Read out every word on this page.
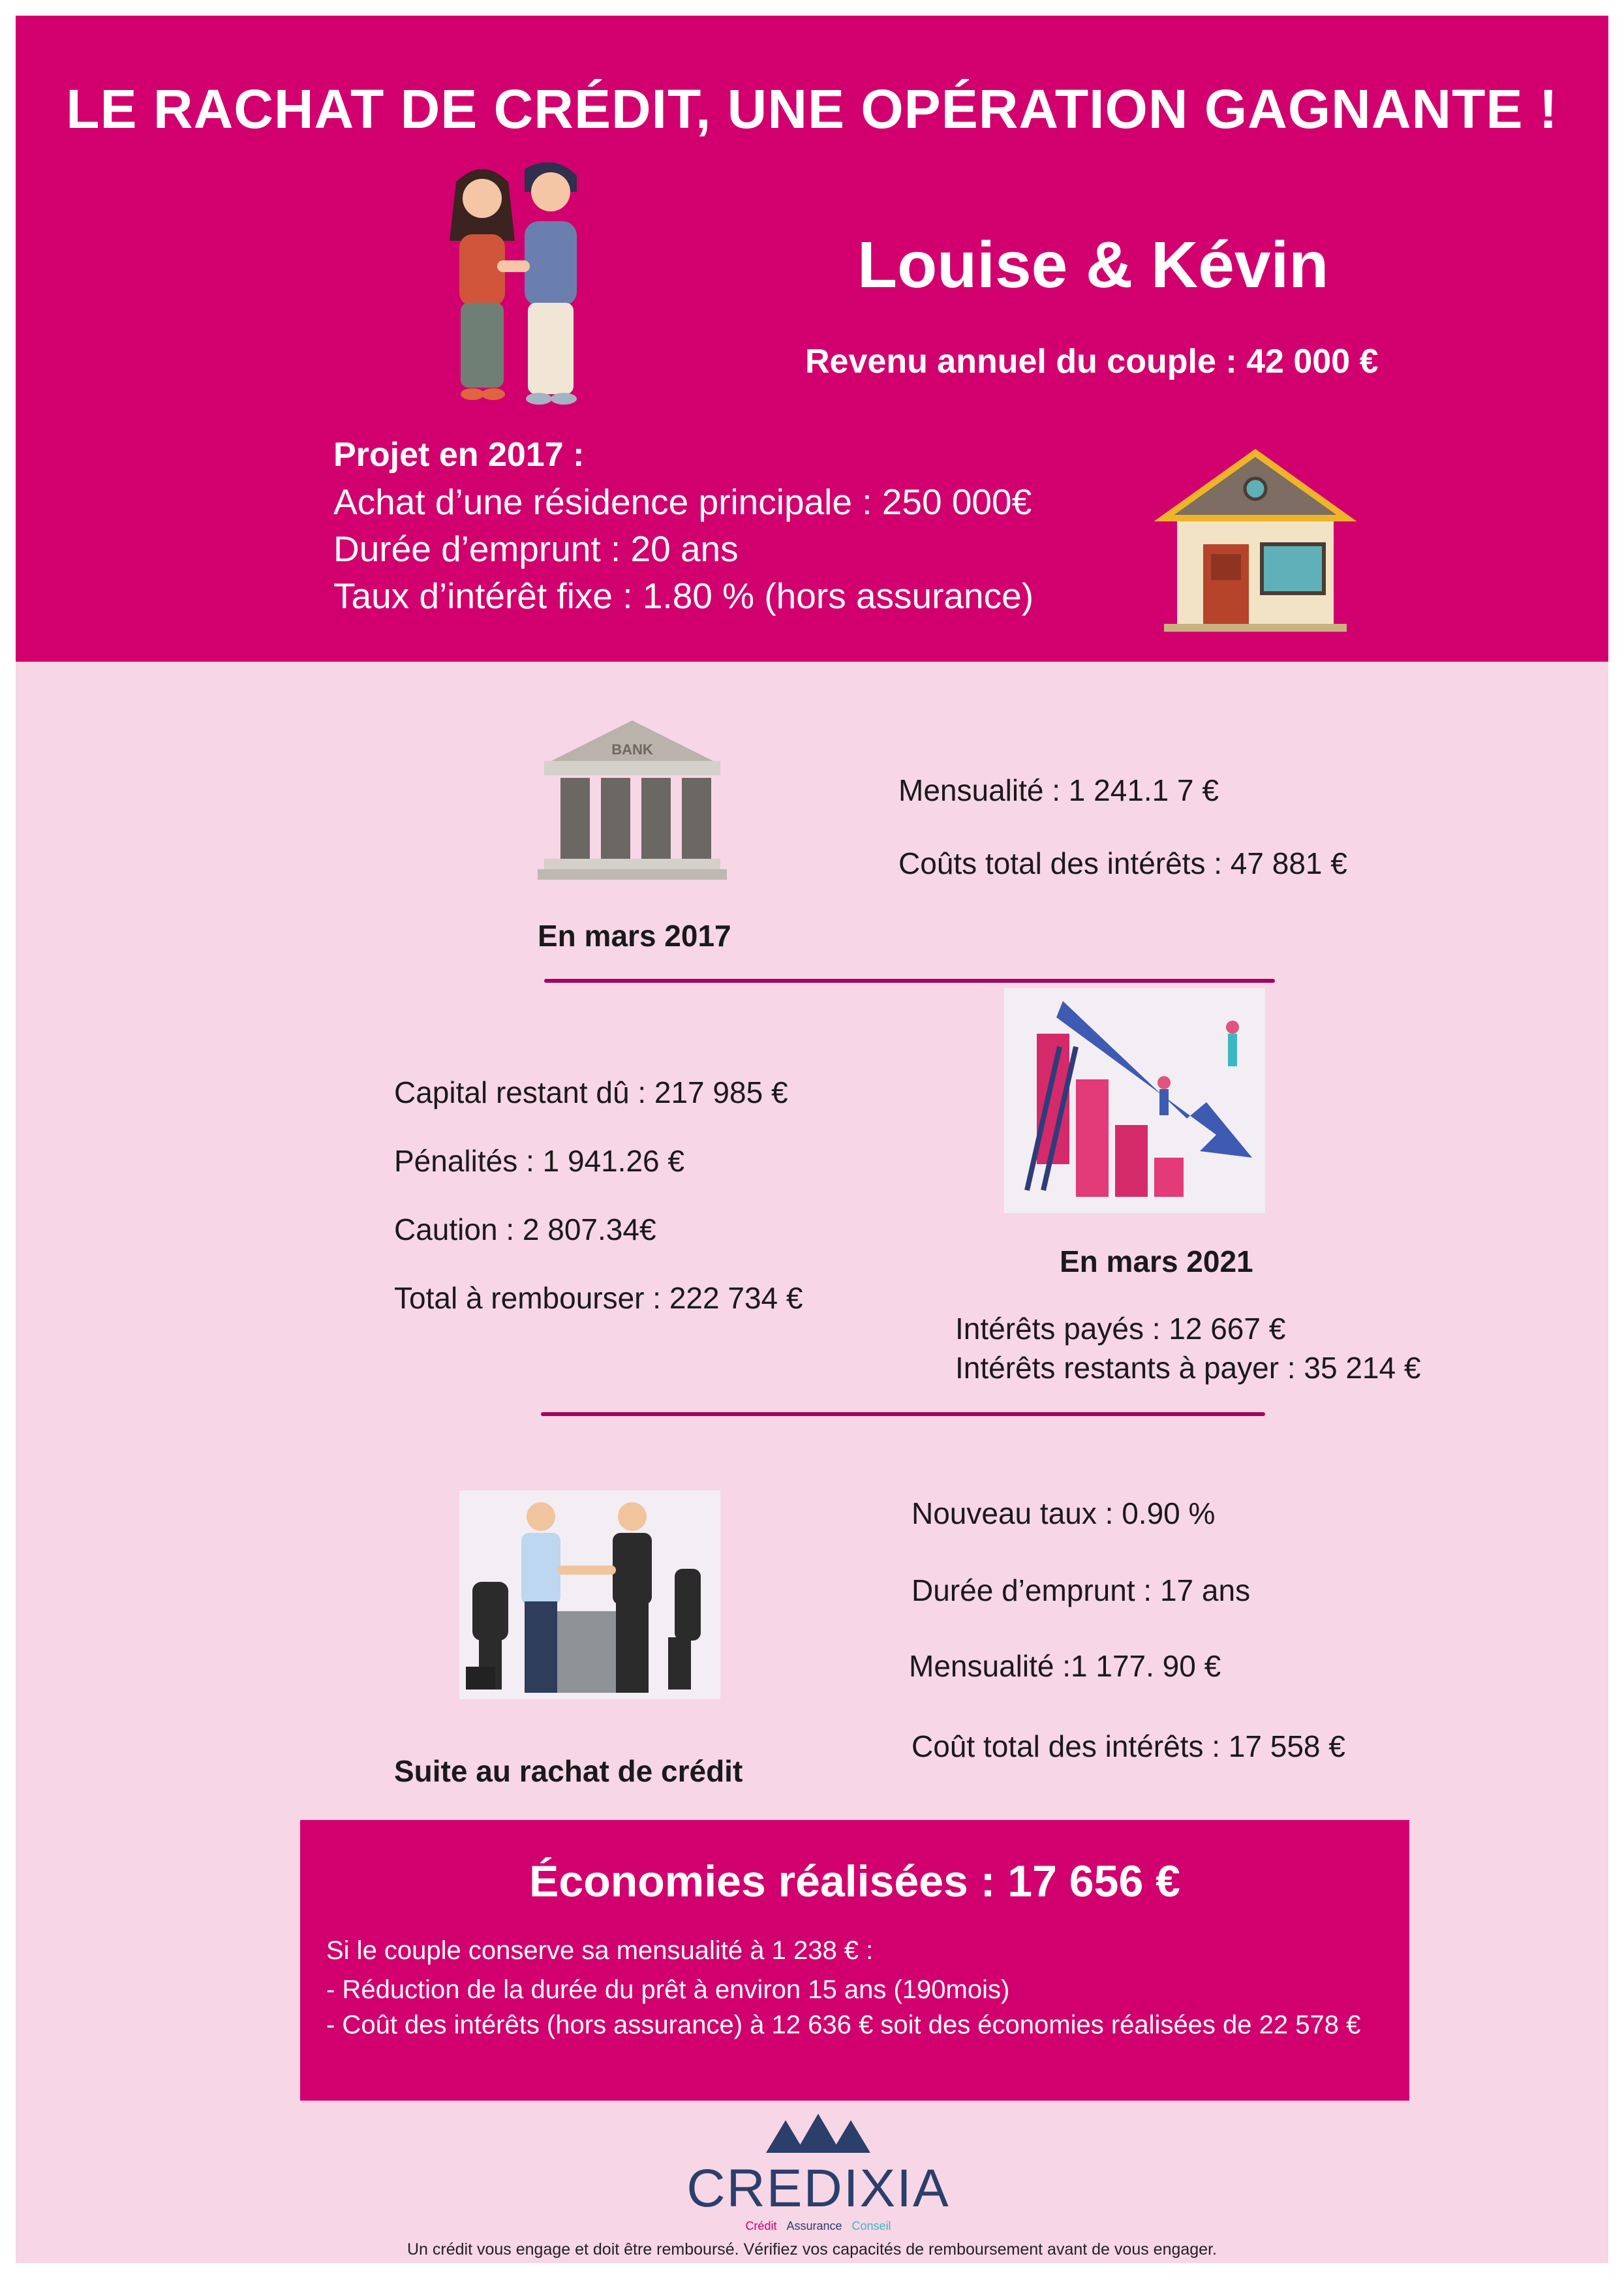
LE RACHAT DE CRÉDIT, UNE OPÉRATION GAGNANTE !
Louise & Kévin
Revenu annuel du couple : 42 000 €
Projet en 2017 :
Achat d’une résidence principale : 250 000€
Durée d’emprunt : 20 ans
Taux d’intérêt fixe : 1.80 % (hors assurance)
BANK
En mars 2017
Mensualité : 1 241.1 7 €
Coûts total des intérêts : 47 881 €
Capital restant dû : 217 985 €
Pénalités : 1 941.26 €
Caution : 2 807.34€
Total à rembourser : 222 734 €
En mars 2021
Intérêts payés : 12 667 €
Intérêts restants à payer : 35 214 €
Suite au rachat de crédit
Nouveau taux : 0.90 %
Durée d’emprunt : 17 ans
Mensualité :1 177. 90 €
Coût total des intérêts : 17 558 €
Économies réalisées : 17 656 €
Si le couple conserve sa mensualité à 1 238 € :
- Réduction de la durée du prêt à environ 15 ans (190mois)
- Coût des intérêts (hors assurance) à 12 636 € soit des économies réalisées de 22 578 €
CREDIXIA
Crédit Assurance Conseil
Un crédit vous engage et doit être remboursé. Vérifiez vos capacités de remboursement avant de vous engager.
